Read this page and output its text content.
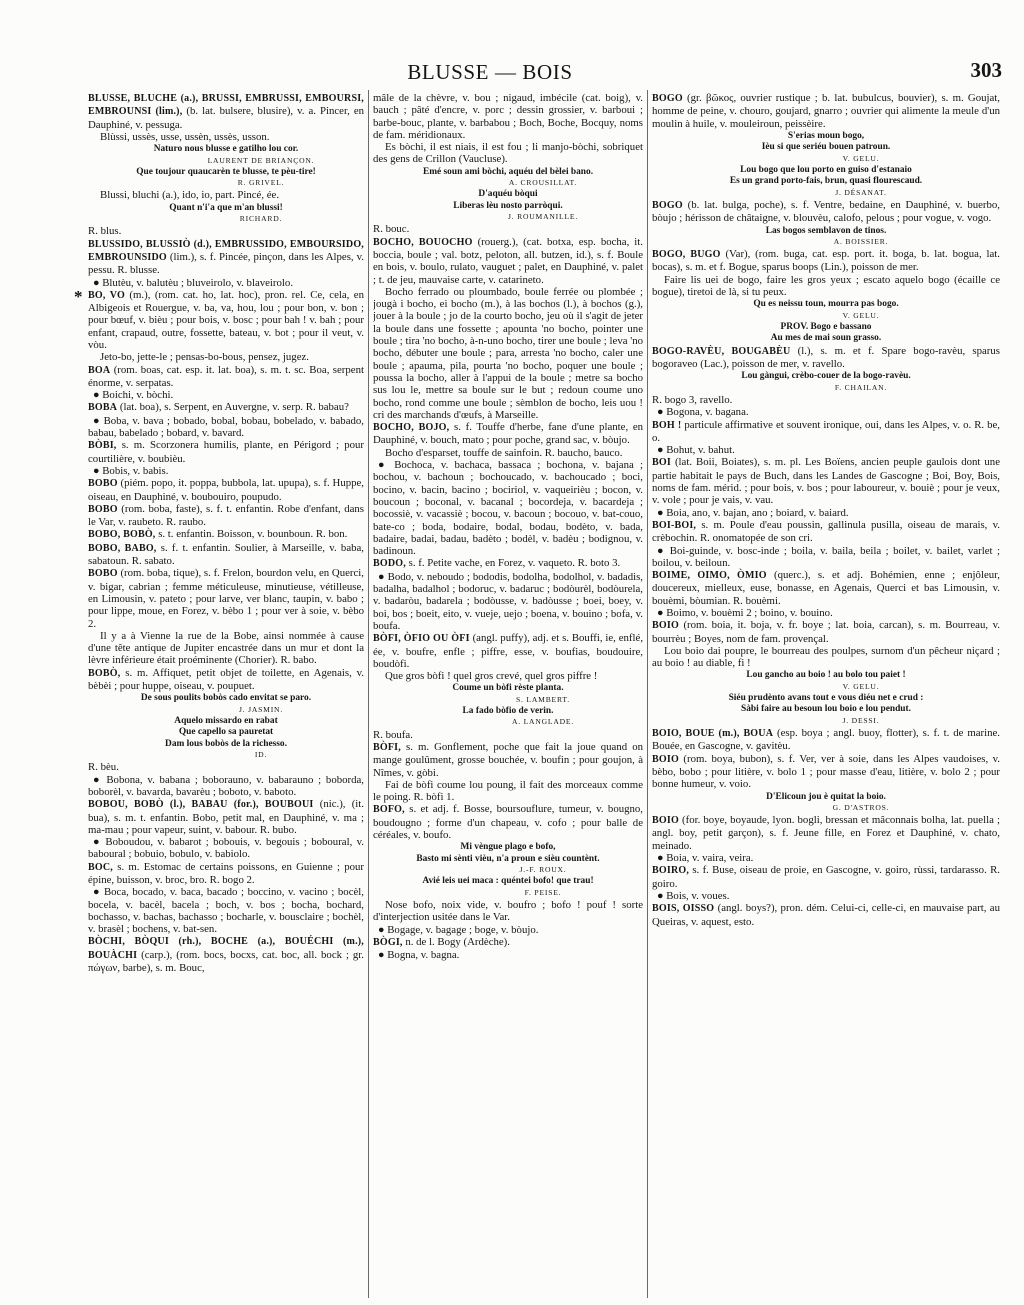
BLUSSE — BOIS	303
*

BLUSSE, BLUCHE (a.), BRUSSI, EMBRUSSI, EMBOURSI, EMBROUNSI (lim.), (b. lat. bulsere, blusire), v. a. Pincer, en Dauphiné, v. pessuga.

Blùssi, ussès, usse, ussèn, ussès, usson.

Naturo nous blusse e gatilho lou cor.

LAURENT DE BRIANÇON.

Que toujour quaucarèn te blusse, te pèu-tire!

R. GRIVEL.

Blussi, bluchi (a.), ido, io, part. Pincé, ée.

Quant n'i'a que m'an blussi!

RICHARD.

R. blus.

BLUSSIDO, BLUSSIÒ (d.), EMBRUSSIDO, EMBOURSIDO, EMBROUNSIDO (lim.), s. f. Pincée, pinçon, dans les Alpes, v. pessu. R. blusse.

● Blutèu, v. balutèu ; bluveirolo, v. blaveirolo.

BO, VO (m.), (rom. cat. ho, lat. hoc), pron. rel. Ce, cela, en Albigeois et Rouergue, v. ba, va, hou, lou ; pour bon, v. bon ; pour bœuf, v. bièu ; pour bois, v. bosc ; pour bah ! v. bah ; pour enfant, crapaud, outre, fossette, bateau, v. bot ; pour il veut, v. vòu.

Jeto-bo, jette-le ; pensas-bo-bous, pensez, jugez.

BOA (rom. boas, cat. esp. it. lat. boa), s. m. t. sc. Boa, serpent énorme, v. serpatas.

● Boichi, v. bòchi.

BOBA (lat. boa), s. Serpent, en Auvergne, v. serp. R. babau?

● Boba, v. bava ; bobado, bobal, bobau, bobelado, v. babado, babau, babelado ; bobard, v. bavard.

BÒBI, s. m. Scorzonera humilis, plante, en Périgord ; pour courtilière, v. boubièu.

● Bobis, v. babis.

BOBO (piém. popo, it. poppa, bubbola, lat. upupa), s. f. Huppe, oiseau, en Dauphiné, v. boubouiro, poupudo.

BOBO (rom. boba, faste), s. f. t. enfantin. Robe d'enfant, dans le Var, v. raubeto. R. raubo.

BOBO, BOBÒ, s. t. enfantin. Boisson, v. bounboun. R. bon.

BOBO, BABO, s. f. t. enfantin. Soulier, à Marseille, v. baba, sabatoun. R. sabato.

BOBO (rom. boba, tique), s. f. Frelon, bourdon velu, en Querci, v. bigar, cabrian ; femme méticuleuse, minutieuse, vétilleuse, en Limousin, v. pateto ; pour larve, ver blanc, taupin, v. babo ; pour lippe, moue, en Forez, v. bèbo 1 ; pour ver à soie, v. bèbo 2.

Il y a à Vienne la rue de la Bobe, ainsi nommée à cause d'une tête antique de Jupiter encastrée dans un mur et dont la lèvre inférieure était proéminente (Chorier). R. babo.

BOBÒ, s. m. Affiquet, petit objet de toilette, en Agenais, v. bèbèi ; pour huppe, oiseau, v. poupuet.

De sous poulits bobòs cado envitat se paro.

J. JASMIN.

Aquelo missardo en rabat
Que capello sa pauretat
Dam lous bobòs de la richesso.

ID.

R. bèu.

● Bobona, v. babana ; boborauno, v. babarauno ; boborda, boborèl, v. bavarda, bavarèu ; boboto, v. baboto.

BOBOU, BOBÒ (l.), BABAU (for.), BOUBOUI (nic.), (it. bua), s. m. t. enfantin. Bobo, petit mal, en Dauphiné, v. ma ; ma-mau ; pour vapeur, suint, v. babour. R. bubo.

● Boboudou, v. babarot ; bobouis, v. begouis ; boboural, v. baboural ; bobuio, bobulo, v. babiolo.

BOC, s. m. Estomac de certains poissons, en Guienne ; pour épine, buisson, v. broc, bro. R. bogo 2.

● Boca, bocado, v. baca, bacado ; boccino, v. vacino ; bocèl, bocela, v. bacèl, bacela ; boch, v. bos ; bocha, bochard, bochasso, v. bachas, bachasso ; bocharle, v. bousclaire ; bochèl, v. brasèl ; bochens, v. bat-sen.

BÒCHI, BÒQUI (rh.), BOCHE (a.), BOUÉCHI (m.), BOUÀCHI (carp.), (rom. bocs, bocxs, cat. boc, all. bock ; gr. πώγων, barbe), s. m. Bouc,

mâle de la chèvre, v. bou ; nigaud, imbécile (cat. boig), v. bauch ; pâté d'encre, v. porc ; dessin grossier, v. barboui ; barbe-bouc, plante, v. barbabou ; Boch, Boche, Bocquy, noms de fam. méridionaux.

Es bòchi, il est niais, il est fou ; li manjo-bòchi, sobriquet des gens de Crillon (Vaucluse).

Emé soun ami bòchi, aquéu del bèlei bano.

A. CROUSILLAT.

D'aquéu bòqui
Liberas lèu nosto parròqui.

J. ROUMANILLE.

R. bouc.

BOCHO, BOUOCHO (rouerg.), (cat. botxa, esp. bocha, it. boccia, boule ; val. botz, peloton, all. butzen, id.), s. f. Boule en bois, v. boulo, rulato, vauguet ; palet, en Dauphiné, v. palet ; t. de jeu, mauvaise carte, v. catarineto.

Bocho ferrado ou ploumbado, boule ferrée ou plombée ; jougà i bocho, ei bocho (m.), à las bochos (l.), à bochos (g.), jouer à la boule ; jo de la courto bocho, jeu où il s'agit de jeter la boule dans une fossette ; apounta 'no bocho, pointer une boule ; tira 'no bocho, à-n-uno bocho, tirer une boule ; leva 'no bocho, débuter une boule ; para, arresta 'no bocho, caler une boule ; apauma, pila, pourta 'no bocho, poquer une boule ; poussa la bocho, aller à l'appui de la boule ; metre sa bocho sus lou le, mettre sa boule sur le but ; redoun coume uno bocho, rond comme une boule ; sèmblon de bocho, leis uou ! cri des marchands d'œufs, à Marseille.

BOCHO, BOJO, s. f. Touffe d'herbe, fane d'une plante, en Dauphiné, v. bouch, mato ; pour poche, grand sac, v. bòujo.

Bocho d'esparset, touffe de sainfoin. R. baucho, bauco.

● Bochoca, v. bachaca, bassaca ; bochona, v. bajana ; bochou, v. bachoun ; bochoucado, v. bachoucado ; boci, bocino, v. bacin, bacino ; bociriol, v. vaqueirièu ; bocon, v. boucoun ; boconal, v. bacanal ; bocordeja, v. bacardeja ; bocossiè, v. vacassiè ; bocou, v. bacoun ; bocouo, v. bat-couo, bate-co ; boda, bodaire, bodal, bodau, bodèto, v. bada, badaire, badai, badau, badèto ; bodèl, v. badèu ; bodignou, v. badinoun.

BODO, s. f. Petite vache, en Forez, v. vaqueto. R. boto 3.

● Bodo, v. neboudo ; bododis, bodolha, bodolhol, v. badadis, badalha, badalhol ; bodoruc, v. badaruc ; bodòurèl, bodòurela, v. badaròu, badarela ; bodòusse, v. badòusse ; boei, boey, v. boi, bos ; boeit, eito, v. vueje, uejo ; boena, v. bouino ; bofa, v. boufa.

BÒFI, ÒFIO OU ÒFI (angl. puffy), adj. et s. Bouffi, ie, enflé, ée, v. boufre, enfle ; piffre, esse, v. boufias, boudouire, boudòfi.

Que gros bòfi ! quel gros crevé, quel gros piffre !

Coume un bòfi rèste planta.

S. LAMBERT.

La fado bòfio de verin.

A. LANGLADE.

R. boufa.

BÒFI, s. m. Gonflement, poche que fait la joue quand on mange goulûment, grosse bouchée, v. boufin ; pour goujon, à Nîmes, v. gòbi.

Fai de bòfi coume lou poung, il fait des morceaux comme le poing. R. bòfi 1.

BOFO, s. et adj. f. Bosse, boursouflure, tumeur, v. bougno, boudougno ; forme d'un chapeau, v. cofo ; pour balle de céréales, v. boufo.

Mi vèngue plago e bofo,
Basto mi sènti vièu, n'a proun e sièu countènt.

J.-F. ROUX.

Avié leis uei maca : quéntei bofo! que trau!

F. PEISE.

Nose bofo, noix vide, v. boufro ; bofo ! pouf ! sorte d'interjection usitée dans le Var.

● Bogage, v. bagage ; boge, v. bòujo.

BÒGI, n. de l. Bogy (Ardèche).

● Bogna, v. bagna.

BOGO (gr. βῶκος, ouvrier rustique ; b. lat. bubulcus, bouvier), s. m. Goujat, homme de peine, v. chouro, goujard, gnarro ; ouvrier qui alimente la meule d'un moulin à huile, v. mouleiroun, peissèire.

S'erias moun bogo,
Ièu si que seriéu bouen patroun.

V. GELU.

Lou bogo que lou porto en guiso d'estanaio
Es un grand porto-fais, brun, quasi flourescaud.

J. DÉSANAT.

BOGO (b. lat. bulga, poche), s. f. Ventre, bedaine, en Dauphiné, v. buerbo, bòujo ; hérisson de châtaigne, v. blouvèu, calofo, pelous ; pour vogue, v. vogo.

Las bogos semblavon de tinos.

A. BOISSIER.

BOGO, BUGO (Var), (rom. buga, cat. esp. port. it. boga, b. lat. bogua, lat. bocas), s. m. et f. Bogue, sparus boops (Lin.), poisson de mer.

Faire lis uei de bogo, faire les gros yeux ; escato aquelo bogo (écaille ce bogue), tiretoi de là, si tu peux.

Qu es neissu toun, mourra pas bogo.

V. GELU.

PROV. Bogo e bassano
Au mes de mai soun grasso.

BOGO-RAVÈU, BOUGABÈU (l.), s. m. et f. Spare bogo-ravèu, sparus bogoraveo (Lac.), poisson de mer, v. ravello.

Lou gàngui, crèbo-couer de la bogo-ravèu.

F. CHAILAN.

R. bogo 3, ravello.

● Bogona, v. bagana.

BOH ! particule affirmative et souvent ironique, oui, dans les Alpes, v. o. R. be, o.

● Bohut, v. bahut.

BOI (lat. Boii, Boiates), s. m. pl. Les Boïens, ancien peuple gaulois dont une partie habitait le pays de Buch, dans les Landes de Gascogne ; Boi, Boy, Bois, noms de fam. mérid. ; pour bois, v. bos ; pour laboureur, v. bouiè ; pour je veux, v. vole ; pour je vais, v. vau.

● Boia, ano, v. bajan, ano ; boiard, v. baiard.

BOI-BOI, s. m. Poule d'eau poussin, gallinula pusilla, oiseau de marais, v. crèbochin. R. onomatopée de son cri.

● Boi-guinde, v. bosc-inde ; boila, v. baila, beila ; boilet, v. bailet, varlet ; boilou, v. beiloun.

BOIME, OIMO, ÒMIO (querc.), s. et adj. Bohémien, enne ; enjôleur, doucereux, mielleux, euse, bonasse, en Agenais, Querci et bas Limousin, v. bouèmi, bòumian. R. bouèmi.

● Boimo, v. bouèmi 2 ; boino, v. bouino.

BOIO (rom. boia, it. boja, v. fr. boye ; lat. boia, carcan), s. m. Bourreau, v. bourrèu ; Boyes, nom de fam. provençal.

Lou boio dai poupre, le bourreau des poulpes, surnom d'un pêcheur niçard ; au boio ! au diable, fi !

Lou gancho au boio ! au bolo tou paiet !

V. GELU.

Siéu prudènto avans tout e vous diéu net e crud :
Sàbi faire au besoun lou boio e lou pendut.

J. DESSI.

BOIO, BOUE (m.), BOUA (esp. boya ; angl. buoy, flotter), s. f. t. de marine. Bouée, en Gascogne, v. gavitèu.

BOIO (rom. boya, bubon), s. f. Ver, ver à soie, dans les Alpes vaudoises, v. bèbo, bobo ; pour litière, v. bolo 1 ; pour masse d'eau, litière, v. bolo 2 ; pour bonne humeur, v. voio.

D'Elicoun jou è quitat la boio.

G. D'ASTROS.

BOIO (for. boye, boyaude, lyon. bogli, bressan et mâconnais bolha, lat. puella ; angl. boy, petit garçon), s. f. Jeune fille, en Forez et Dauphiné, v. chato, meinado.

● Boia, v. vaira, veira.

BOIRO, s. f. Buse, oiseau de proie, en Gascogne, v. goiro, rùssi, tardarasso. R. goiro.

● Bois, v. voues.

BOIS, OISSO (angl. boys?), pron. dém. Celui-ci, celle-ci, en mauvaise part, au Queiras, v. aquest, esto.
